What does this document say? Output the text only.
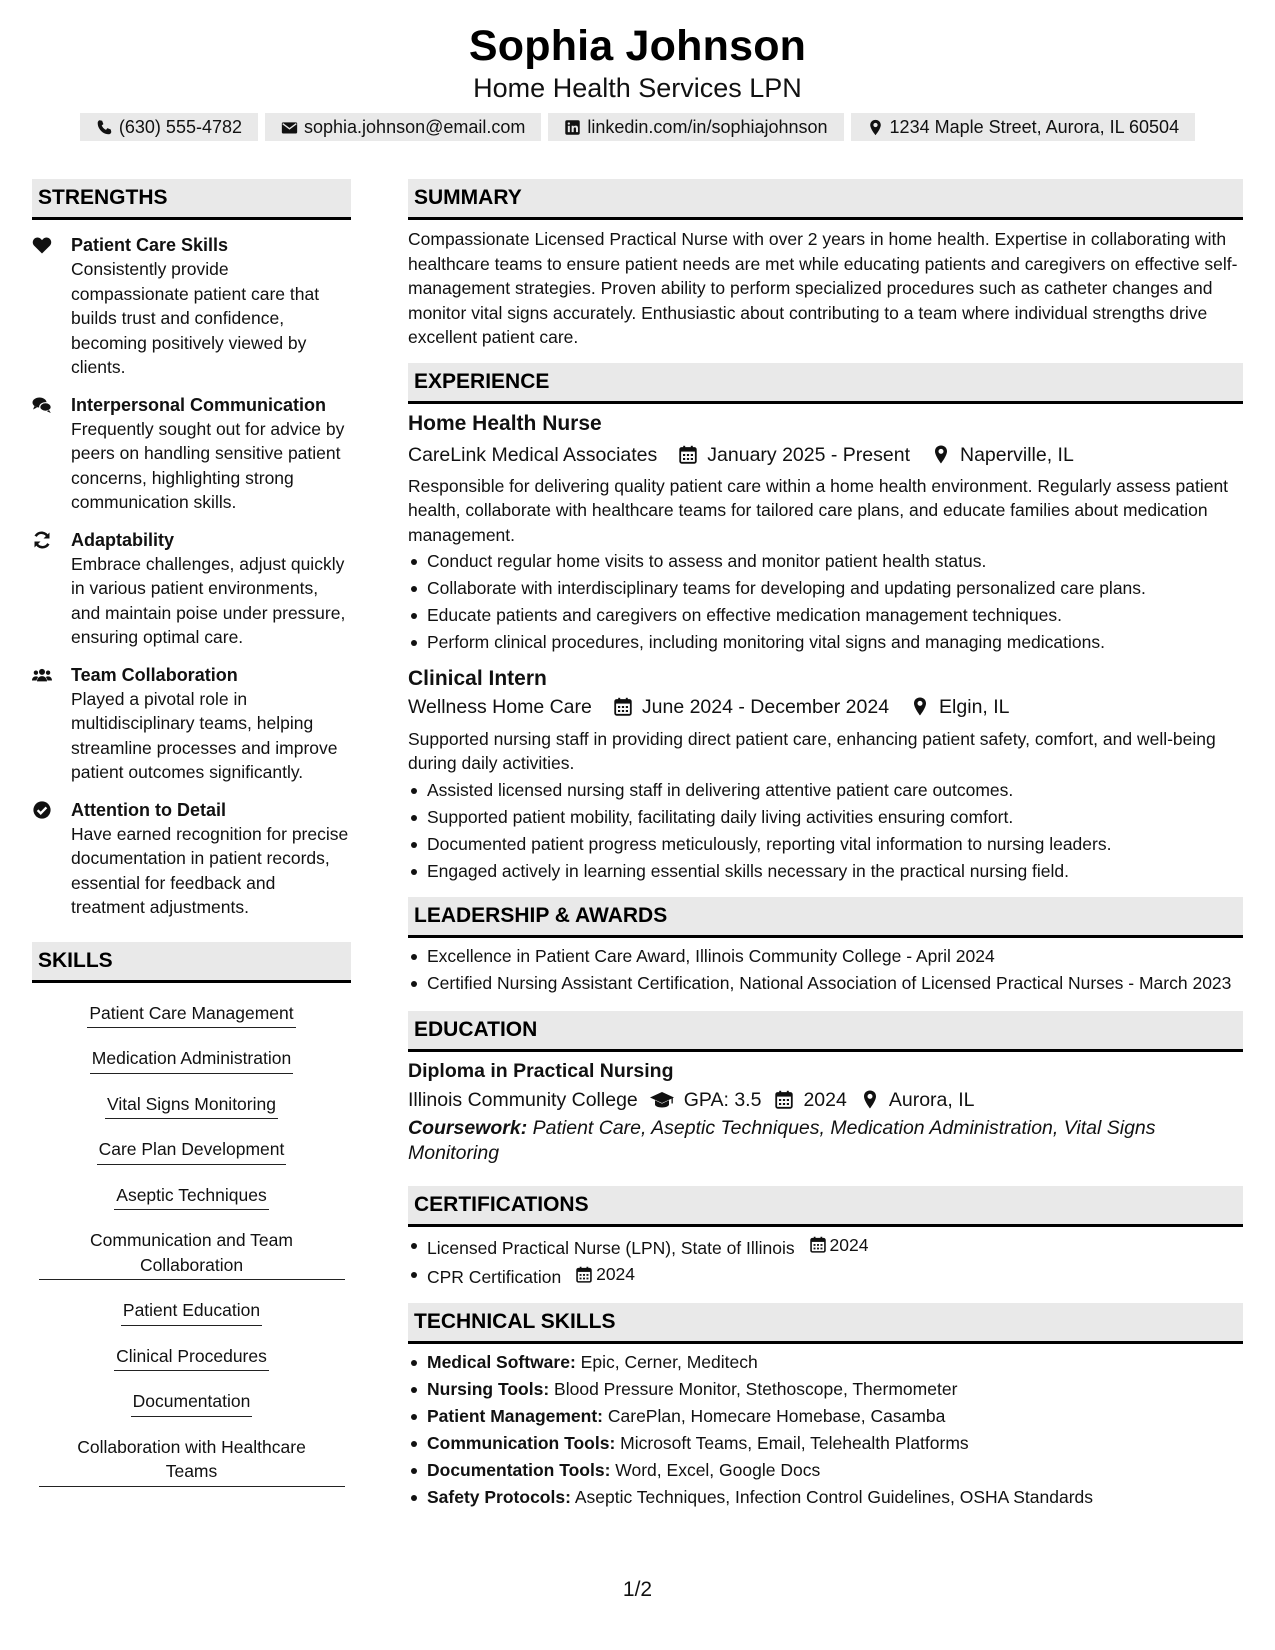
Sophia Johnson
Home Health Services LPN
(630) 555-4782	sophia.johnson@email.com	linkedin.com/in/sophiajohnson	1234 Maple Street, Aurora, IL 60504
STRENGTHS
Patient Care Skills
Consistently provide compassionate patient care that builds trust and confidence, becoming positively viewed by clients.
Interpersonal Communication
Frequently sought out for advice by peers on handling sensitive patient concerns, highlighting strong communication skills.
Adaptability
Embrace challenges, adjust quickly in various patient environments, and maintain poise under pressure, ensuring optimal care.
Team Collaboration
Played a pivotal role in multidisciplinary teams, helping streamline processes and improve patient outcomes significantly.
Attention to Detail
Have earned recognition for precise documentation in patient records, essential for feedback and treatment adjustments.
SKILLS
Patient Care Management
Medication Administration
Vital Signs Monitoring
Care Plan Development
Aseptic Techniques
Communication and Team Collaboration
Patient Education
Clinical Procedures
Documentation
Collaboration with Healthcare Teams
SUMMARY
Compassionate Licensed Practical Nurse with over 2 years in home health. Expertise in collaborating with healthcare teams to ensure patient needs are met while educating patients and caregivers on effective self-management strategies. Proven ability to perform specialized procedures such as catheter changes and monitor vital signs accurately. Enthusiastic about contributing to a team where individual strengths drive excellent patient care.
EXPERIENCE
Home Health Nurse
CareLink Medical Associates	January 2025 - Present	Naperville, IL
Responsible for delivering quality patient care within a home health environment. Regularly assess patient health, collaborate with healthcare teams for tailored care plans, and educate families about medication management.
Conduct regular home visits to assess and monitor patient health status.
Collaborate with interdisciplinary teams for developing and updating personalized care plans.
Educate patients and caregivers on effective medication management techniques.
Perform clinical procedures, including monitoring vital signs and managing medications.
Clinical Intern
Wellness Home Care	June 2024 - December 2024	Elgin, IL
Supported nursing staff in providing direct patient care, enhancing patient safety, comfort, and well-being during daily activities.
Assisted licensed nursing staff in delivering attentive patient care outcomes.
Supported patient mobility, facilitating daily living activities ensuring comfort.
Documented patient progress meticulously, reporting vital information to nursing leaders.
Engaged actively in learning essential skills necessary in the practical nursing field.
LEADERSHIP & AWARDS
Excellence in Patient Care Award, Illinois Community College - April 2024
Certified Nursing Assistant Certification, National Association of Licensed Practical Nurses - March 2023
EDUCATION
Diploma in Practical Nursing
Illinois Community College GPA: 3.5 2024 Aurora, IL
Coursework: Patient Care, Aseptic Techniques, Medication Administration, Vital Signs Monitoring
CERTIFICATIONS
Licensed Practical Nurse (LPN), State of Illinois 2024
CPR Certification 2024
TECHNICAL SKILLS
Medical Software: Epic, Cerner, Meditech
Nursing Tools: Blood Pressure Monitor, Stethoscope, Thermometer
Patient Management: CarePlan, Homecare Homebase, Casamba
Communication Tools: Microsoft Teams, Email, Telehealth Platforms
Documentation Tools: Word, Excel, Google Docs
Safety Protocols: Aseptic Techniques, Infection Control Guidelines, OSHA Standards
1/2
